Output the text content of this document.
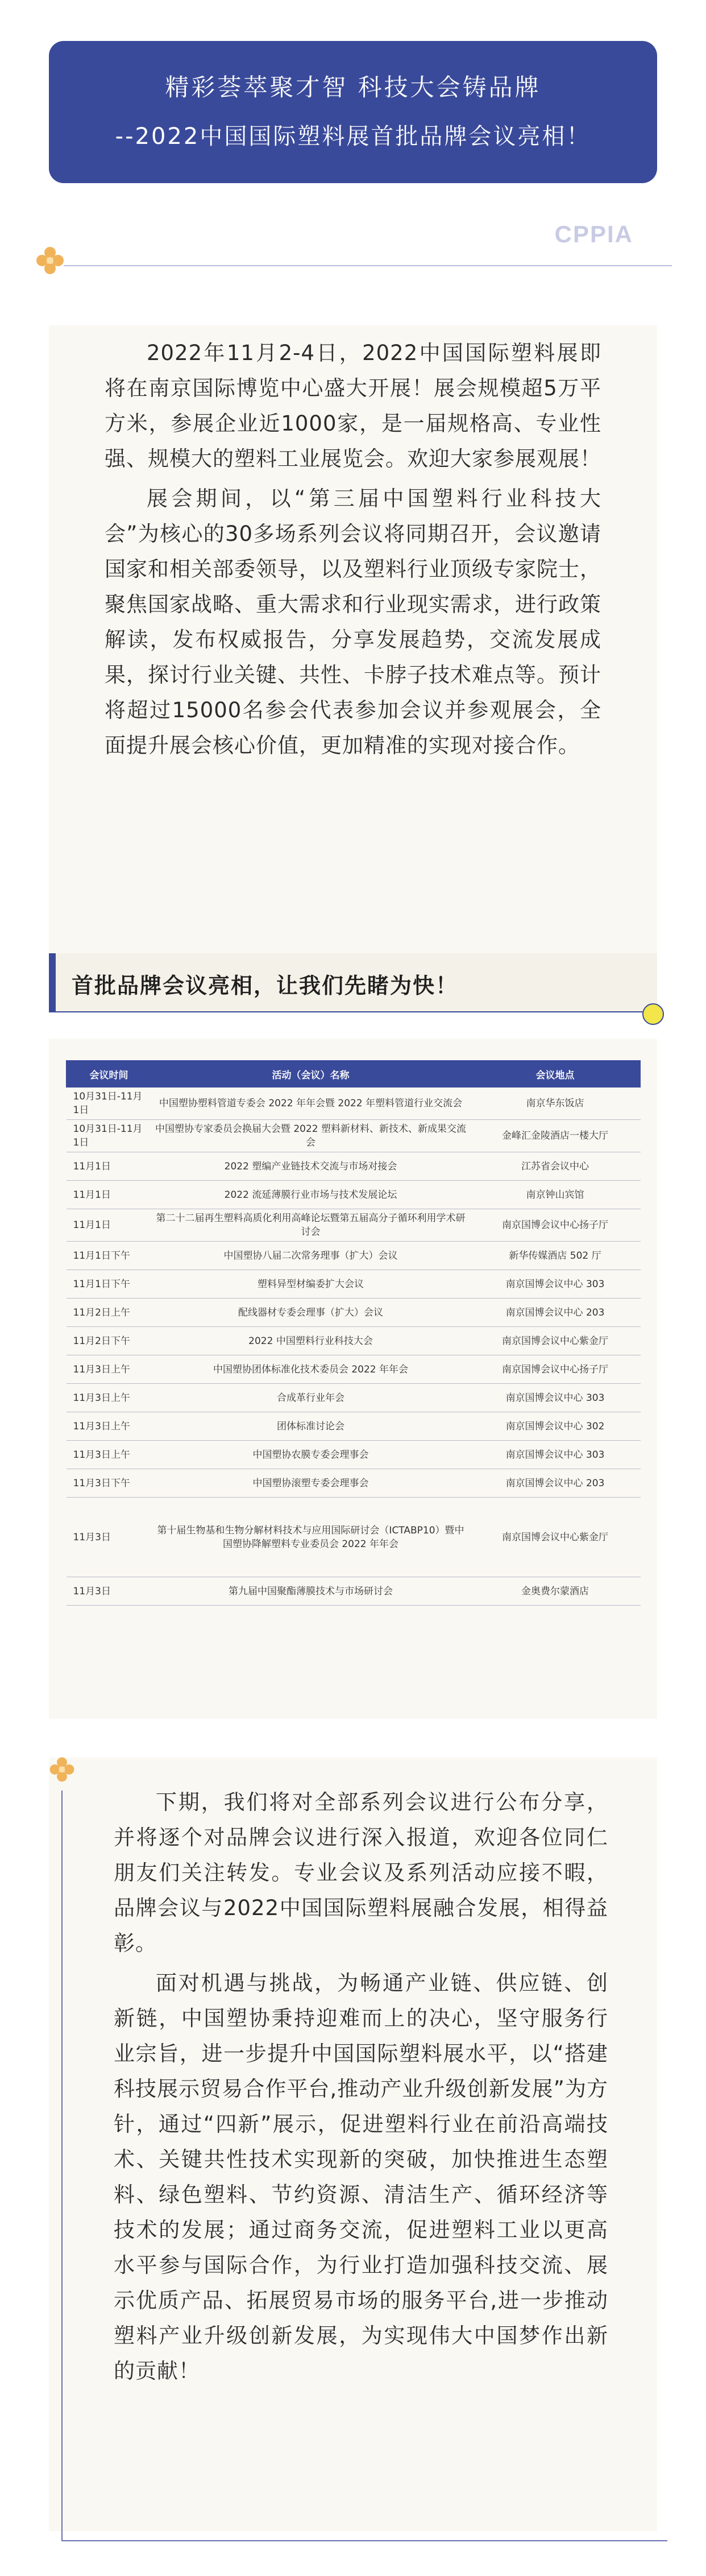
精彩荟萃聚才智 科技大会铸品牌
--2022中国国际塑料展首批品牌会议亮相！
CPPIA

2022年11月2-4日，2022中国国际塑料展即将在南京国际博览中心盛大开展！展会规模超5万平方米，参展企业近1000家，是一届规格高、专业性强、规模大的塑料工业展览会。欢迎大家参展观展！

展会期间，以“第三届中国塑料行业科技大会”为核心的30多场系列会议将同期召开，会议邀请国家和相关部委领导，以及塑料行业顶级专家院士，聚焦国家战略、重大需求和行业现实需求，进行政策解读，发布权威报告，分享发展趋势，交流发展成果，探讨行业关键、共性、卡脖子技术难点等。预计将超过15000名参会代表参加会议并参观展会，全面提升展会核心价值，更加精准的实现对接合作。

首批品牌会议亮相，让我们先睹为快！
会议时间	活动（会议）名称	会议地点
10月31日-11月1日	中国塑协塑料管道专委会 2022 年年会暨 2022 年塑料管道行业交流会	南京华东饭店
10月31日-11月1日	中国塑协专家委员会换届大会暨 2022 塑料新材料、新技术、新成果交流会	金峰汇金陵酒店一楼大厅
11月1日	2022 塑编产业链技术交流与市场对接会	江苏省会议中心
11月1日	2022 流延薄膜行业市场与技术发展论坛	南京钟山宾馆
11月1日	第二十二届再生塑料高质化利用高峰论坛暨第五届高分子循环利用学术研讨会	南京国博会议中心扬子厅
11月1日下午	中国塑协八届二次常务理事（扩大）会议	新华传媒酒店 502 厅
11月1日下午	塑料异型材编委扩大会议	南京国博会议中心 303
11月2日上午	配线器材专委会理事（扩大）会议	南京国博会议中心 203
11月2日下午	2022 中国塑料行业科技大会	南京国博会议中心紫金厅
11月3日上午	中国塑协团体标准化技术委员会 2022 年年会	南京国博会议中心扬子厅
11月3日上午	合成革行业年会	南京国博会议中心 303
11月3日上午	团体标准讨论会	南京国博会议中心 302
11月3日上午	中国塑协农膜专委会理事会	南京国博会议中心 303
11月3日下午	中国塑协滚塑专委会理事会	南京国博会议中心 203
11月3日	第十届生物基和生物分解材料技术与应用国际研讨会（ICTABP10）暨中国塑协降解塑料专业委员会 2022 年年会	南京国博会议中心紫金厅
11月3日	第九届中国聚酯薄膜技术与市场研讨会	金奥费尔蒙酒店

下期，我们将对全部系列会议进行公布分享，并将逐个对品牌会议进行深入报道，欢迎各位同仁朋友们关注转发。专业会议及系列活动应接不暇，品牌会议与2022中国国际塑料展融合发展，相得益彰。

面对机遇与挑战，为畅通产业链、供应链、创新链，中国塑协秉持迎难而上的决心，坚守服务行业宗旨，进一步提升中国国际塑料展水平，以“搭建科技展示贸易合作平台,推动产业升级创新发展”为方针，通过“四新”展示，促进塑料行业在前沿高端技术、关键共性技术实现新的突破，加快推进生态塑料、绿色塑料、节约资源、清洁生产、循环经济等技术的发展；通过商务交流，促进塑料工业以更高水平参与国际合作，为行业打造加强科技交流、展示优质产品、拓展贸易市场的服务平台,进一步推动塑料产业升级创新发展，为实现伟大中国梦作出新的贡献！
